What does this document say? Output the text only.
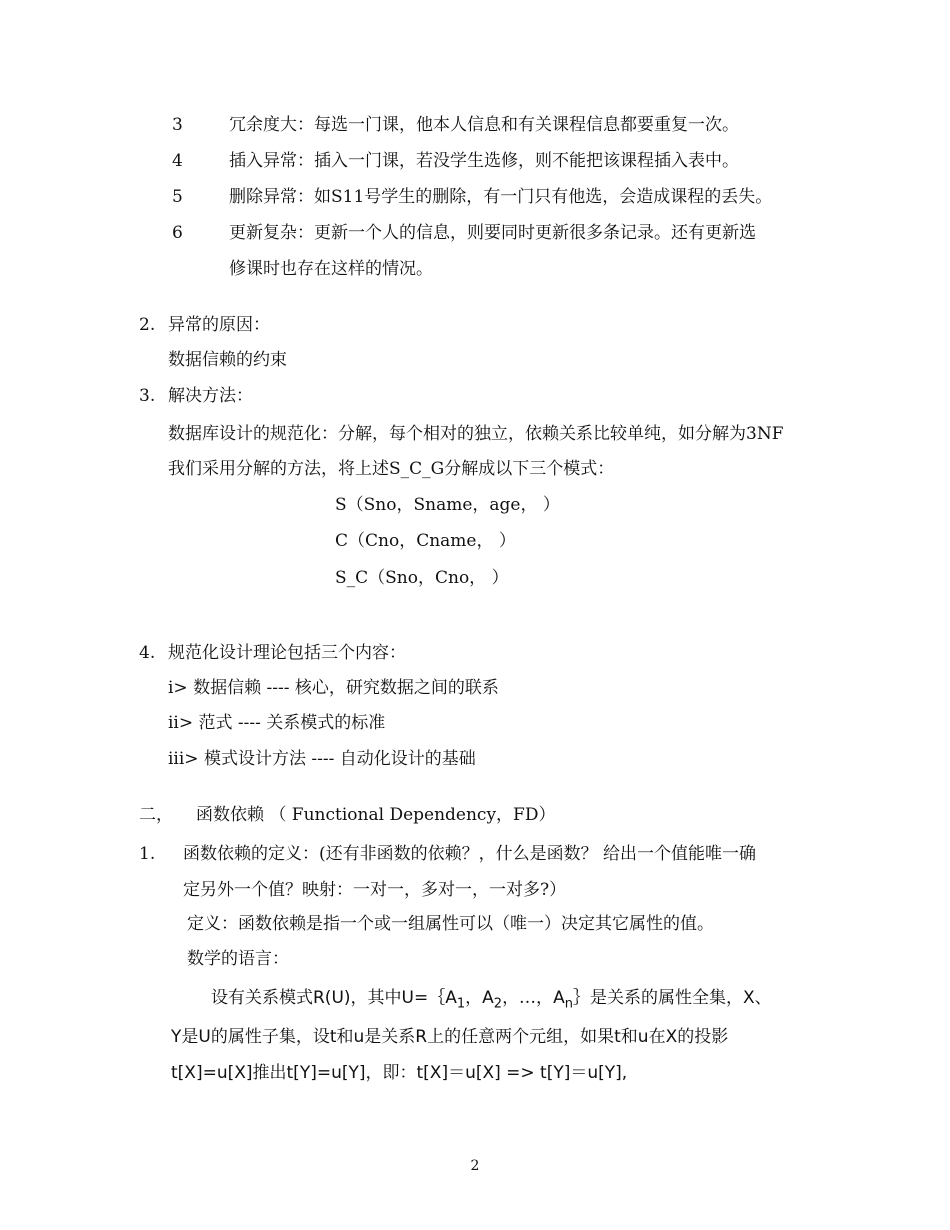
3	冗余度大：每选一门课，他本人信息和有关课程信息都要重复一次。
4	插入异常：插入一门课，若没学生选修，则不能把该课程插入表中。
5	删除异常：如S11号学生的删除，有一门只有他选，会造成课程的丢失。
6	更新复杂：更新一个人的信息，则要同时更新很多条记录。还有更新选
修课时也存在这样的情况。
2. 异常的原因：
数据信赖的约束
3. 解决方法：
数据库设计的规范化：分解，每个相对的独立，依赖关系比较单纯，如分解为3NF
我们采用分解的方法，将上述S_C_G分解成以下三个模式：
S（Sno，Sname，age， ）
C（Cno，Cname， ）
S_C（Sno，Cno， ）
4. 规范化设计理论包括三个内容：
i> 数据信赖 ---- 核心，研究数据之间的联系
ii> 范式 ---- 关系模式的标准
iii> 模式设计方法 ---- 自动化设计的基础
二， 函数依赖 （ Functional Dependency，FD）
1. 函数依赖的定义：(还有非函数的依赖？，什么是函数？ 给出一个值能唯一确
定另外一个值？映射：一对一，多对一，一对多?）
定义：函数依赖是指一个或一组属性可以（唯一）决定其它属性的值。
数学的语言：
设有关系模式R(U)，其中$U=\{A_1$，$A_2$，…，$A_n\}$是关系的属性全集，X、
Y是U的属性子集，设t和u是关系R上的任意两个元组，如果t和u在X的投影
t[X]=u[X]推出t[Y]=u[Y]，即：t[X]＝u[X] => t[Y]＝u[Y],
2
